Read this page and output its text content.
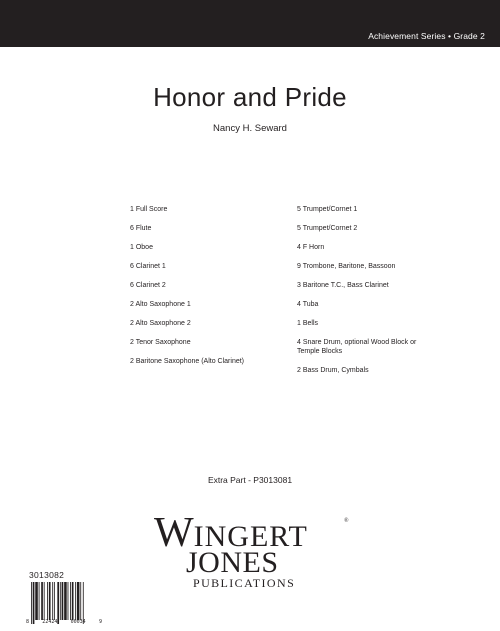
Achievement Series • Grade 2
Honor and Pride
Nancy H. Seward
1 Full Score
6 Flute
1 Oboe
6 Clarinet 1
6 Clarinet 2
2 Alto Saxophone 1
2 Alto Saxophone 2
2 Tenor Saxophone
2 Baritone Saxophone (Alto Clarinet)
5 Trumpet/Cornet 1
5 Trumpet/Cornet 2
4 F Horn
9 Trombone, Baritone, Bassoon
3 Baritone T.C., Bass Clarinet
4 Tuba
1 Bells
4 Snare Drum, optional Wood Block or
Temple Blocks
2 Bass Drum, Cymbals
Extra Part - P3013081
WINGERT	®
JONES
PUBLICATIONS
3013082
8	22424	00034	9
